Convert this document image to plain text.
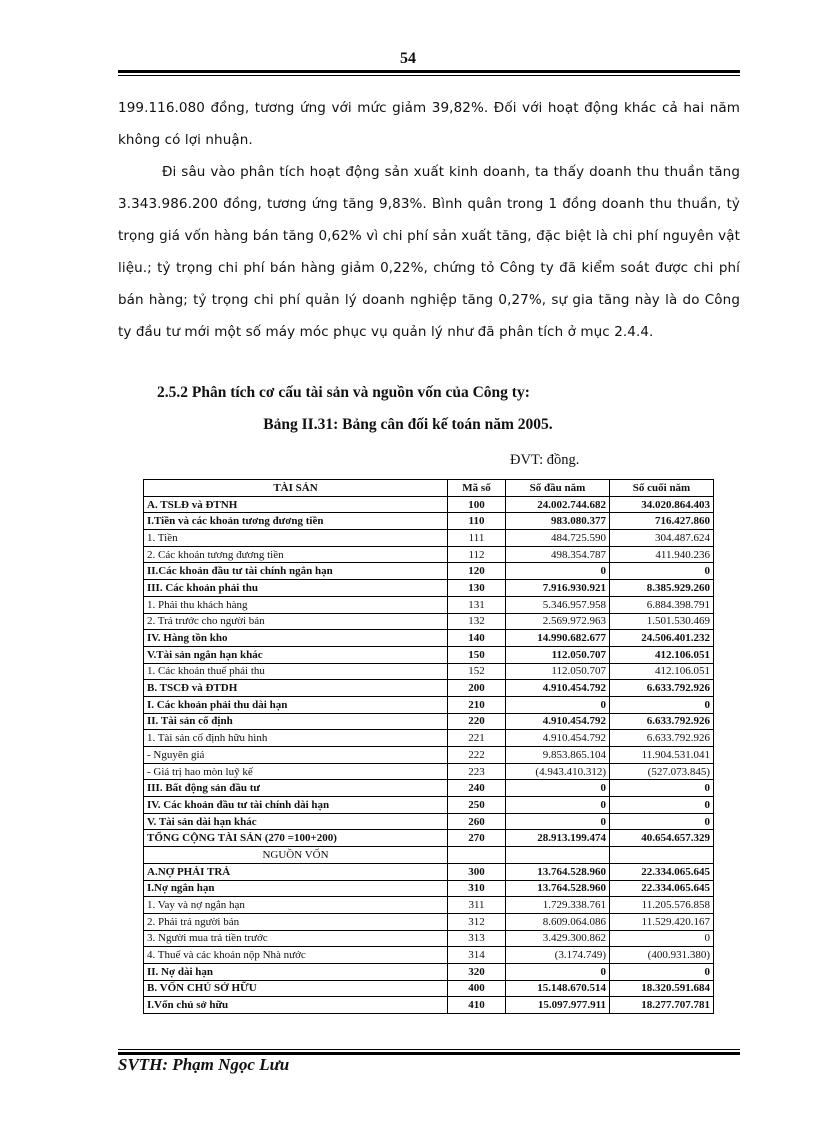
54

199.116.080 đồng, tương ứng với mức giảm 39,82%. Đối với hoạt động khác cả hai năm không có lợi nhuận.

Đi sâu vào phân tích hoạt động sản xuất kinh doanh, ta thấy doanh thu thuần tăng 3.343.986.200 đồng, tương ứng tăng 9,83%. Bình quân trong 1 đồng doanh thu thuần, tỷ trọng giá vốn hàng bán tăng 0,62% vì chi phí sản xuất tăng, đặc biệt là chi phí nguyên vật liệu.; tỷ trọng chi phí bán hàng giảm 0,22%, chứng tỏ Công ty đã kiểm soát được chi phí bán hàng; tỷ trọng chi phí quản lý doanh nghiệp tăng 0,27%, sự gia tăng này là do Công ty đầu tư mới một số máy móc phục vụ quản lý như đã phân tích ở mục 2.4.4.

2.5.2 Phân tích cơ cấu tài sản và nguồn vốn của Công ty:

Bảng II.31: Bảng cân đối kế toán năm 2005.

ĐVT: đồng.

TÀI SẢN	Mã số	Số đầu năm	Số cuối năm
A. TSLĐ và ĐTNH	100	24.002.744.682	34.020.864.403
I.Tiền và các khoản tương đương tiền	110	983.080.377	716.427.860
1. Tiền	111	484.725.590	304.487.624
2. Các khoản tương đương tiền	112	498.354.787	411.940.236
II.Các khoản đầu tư tài chính ngắn hạn	120	0	0
III. Các khoản phải thu	130	7.916.930.921	8.385.929.260
1. Phải thu khách hàng	131	5.346.957.958	6.884.398.791
2. Trả trước cho người bán	132	2.569.972.963	1.501.530.469
IV. Hàng tồn kho	140	14.990.682.677	24.506.401.232
V.Tài sản ngắn hạn khác	150	112.050.707	412.106.051
1. Các khoản thuế phải thu	152	112.050.707	412.106.051
B. TSCĐ và ĐTDH	200	4.910.454.792	6.633.792.926
I. Các khoản phải thu dài hạn	210	0	0
II. Tài sản cố định	220	4.910.454.792	6.633.792.926
1. Tài sản cố định hữu hình	221	4.910.454.792	6.633.792.926
- Nguyên giá	222	9.853.865.104	11.904.531.041
- Giá trị hao mòn luỹ kế	223	(4.943.410.312)	(527.073.845)
III. Bất động sản đầu tư	240	0	0
IV. Các khoản đầu tư tài chính dài hạn	250	0	0
V. Tài sản dài hạn khác	260	0	0
TỔNG CỘNG TÀI SẢN (270 =100+200)	270	28.913.199.474	40.654.657.329
NGUỒN VỐN			
A.NỢ PHẢI TRẢ	300	13.764.528.960	22.334.065.645
I.Nợ ngắn hạn	310	13.764.528.960	22.334.065.645
1. Vay và nợ ngắn hạn	311	1.729.338.761	11.205.576.858
2. Phải trả người bán	312	8.609.064.086	11.529.420.167
3. Người mua trả tiền trước	313	3.429.300.862	0
4. Thuế và các khoản nộp Nhà nước	314	(3.174.749)	(400.931.380)
II. Nợ dài hạn	320	0	0
B. VỐN CHỦ SỞ HỮU	400	15.148.670.514	18.320.591.684
I.Vốn chủ sở hữu	410	15.097.977.911	18.277.707.781

SVTH: Phạm Ngọc Lưu
